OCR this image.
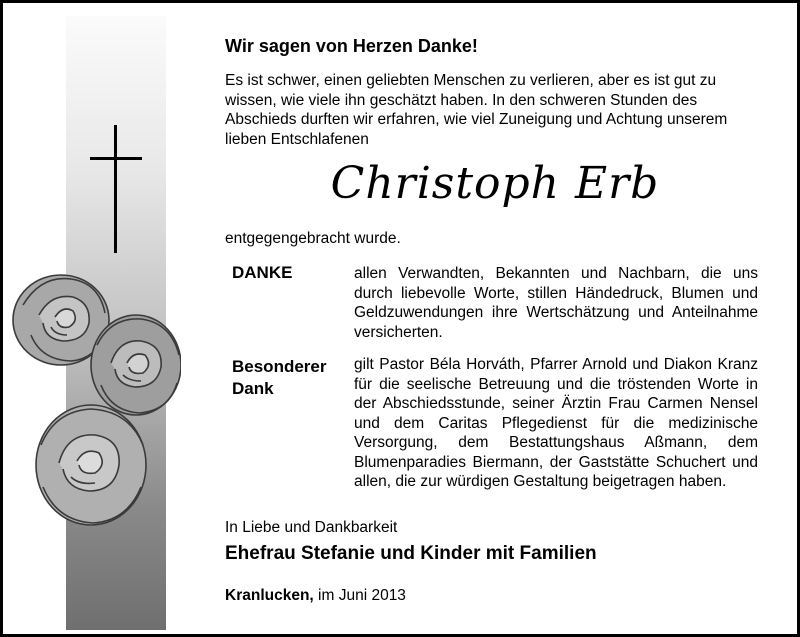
Wir sagen von Herzen Danke!

Es ist schwer, einen geliebten Menschen zu verlieren, aber es ist gut zu wissen, wie viele ihn geschätzt haben. In den schweren Stunden des Abschieds durften wir erfahren, wie viel Zuneigung und Achtung unserem lieben Entschlafenen

Christoph Erb

entgegengebracht wurde.

DANKE	allen Verwandten, Bekannten und Nachbarn, die uns durch liebevolle Worte, stillen Händedruck, Blumen und Geldzuwendungen ihre Wertschätzung und Anteilnahme versicherten.

Besonderer Dank

gilt Pastor Béla Horváth, Pfarrer Arnold und Diakon Kranz für die seelische Betreuung und die tröstenden Worte in der Abschiedsstunde, seiner Ärztin Frau Carmen Nensel und dem Caritas Pflegedienst für die medizinische Versorgung, dem Bestattungshaus Aßmann, dem Blumenparadies Biermann, der Gaststätte Schuchert und allen, die zur würdigen Gestaltung beigetragen haben.

In Liebe und Dankbarkeit

Ehefrau Stefanie und Kinder mit Familien

Kranlucken, im Juni 2013
